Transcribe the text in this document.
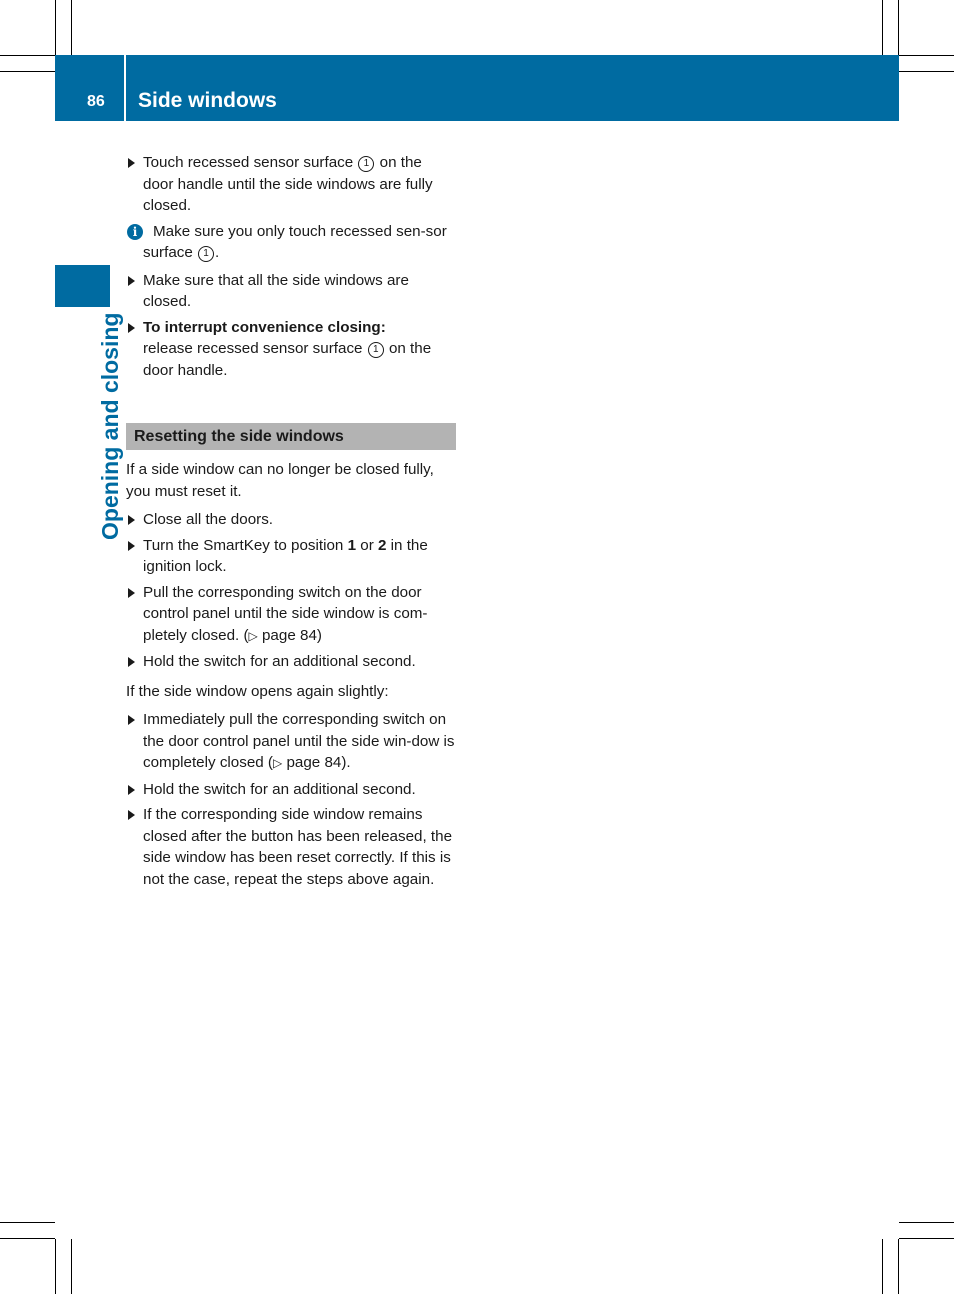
86 Side windows
Opening and closing

Touch recessed sensor surface 1 on the door handle until the side windows are fully closed.

i	Make sure you only touch recessed sen-sor surface 1 .

Make sure that all the side windows are closed.

To interrupt convenience closing:
release recessed sensor surface 1 on the door handle.

Resetting the side windows

If a side window can no longer be closed fully, you must reset it.

Close all the doors.

Turn the SmartKey to position 1 or 2 in the ignition lock.

Pull the corresponding switch on the door control panel until the side window is com-pletely closed. (▷ page 84)

Hold the switch for an additional second.

If the side window opens again slightly:

Immediately pull the corresponding switch on the door control panel until the side win-dow is completely closed (▷ page 84).

Hold the switch for an additional second.

If the corresponding side window remains closed after the button has been released, the side window has been reset correctly. If this is not the case, repeat the steps above again.
